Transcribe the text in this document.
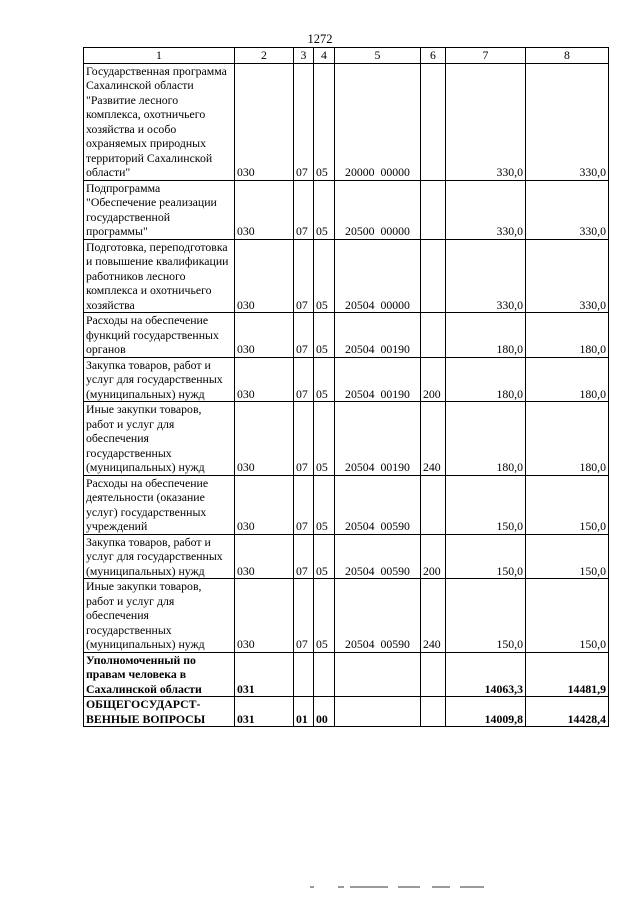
1272
1	2	3	4	5	6	7	8
Государственная программа Сахалинской области "Развитие лесного комплекса, охотничьего хозяйства и особо охраняемых природных территорий Сахалинской области"	030	07	05	20000  00000		330,0	330,0
Подпрограмма "Обеспечение реализации государственной программы"	030	07	05	20500  00000		330,0	330,0
Подготовка, переподготовка и повышение квалификации работников лесного комплекса и охотничьего хозяйства	030	07	05	20504  00000		330,0	330,0
Расходы на обеспечение функций государственных органов	030	07	05	20504  00190		180,0	180,0
Закупка товаров, работ и услуг для государственных (муниципальных) нужд	030	07	05	20504  00190	200	180,0	180,0
Иные закупки товаров, работ и услуг для обеспечения государственных (муниципальных) нужд	030	07	05	20504  00190	240	180,0	180,0
Расходы на обеспечение деятельности (оказание услуг) государственных учреждений	030	07	05	20504  00590		150,0	150,0
Закупка товаров, работ и услуг для государственных (муниципальных) нужд	030	07	05	20504  00590	200	150,0	150,0
Иные закупки товаров, работ и услуг для обеспечения государственных (муниципальных) нужд	030	07	05	20504  00590	240	150,0	150,0
Уполномоченный по правам человека в Сахалинской области	031					14063,3	14481,9
ОБЩЕГОСУДАРСТ-ВЕННЫЕ ВОПРОСЫ	031	01	00			14009,8	14428,4
